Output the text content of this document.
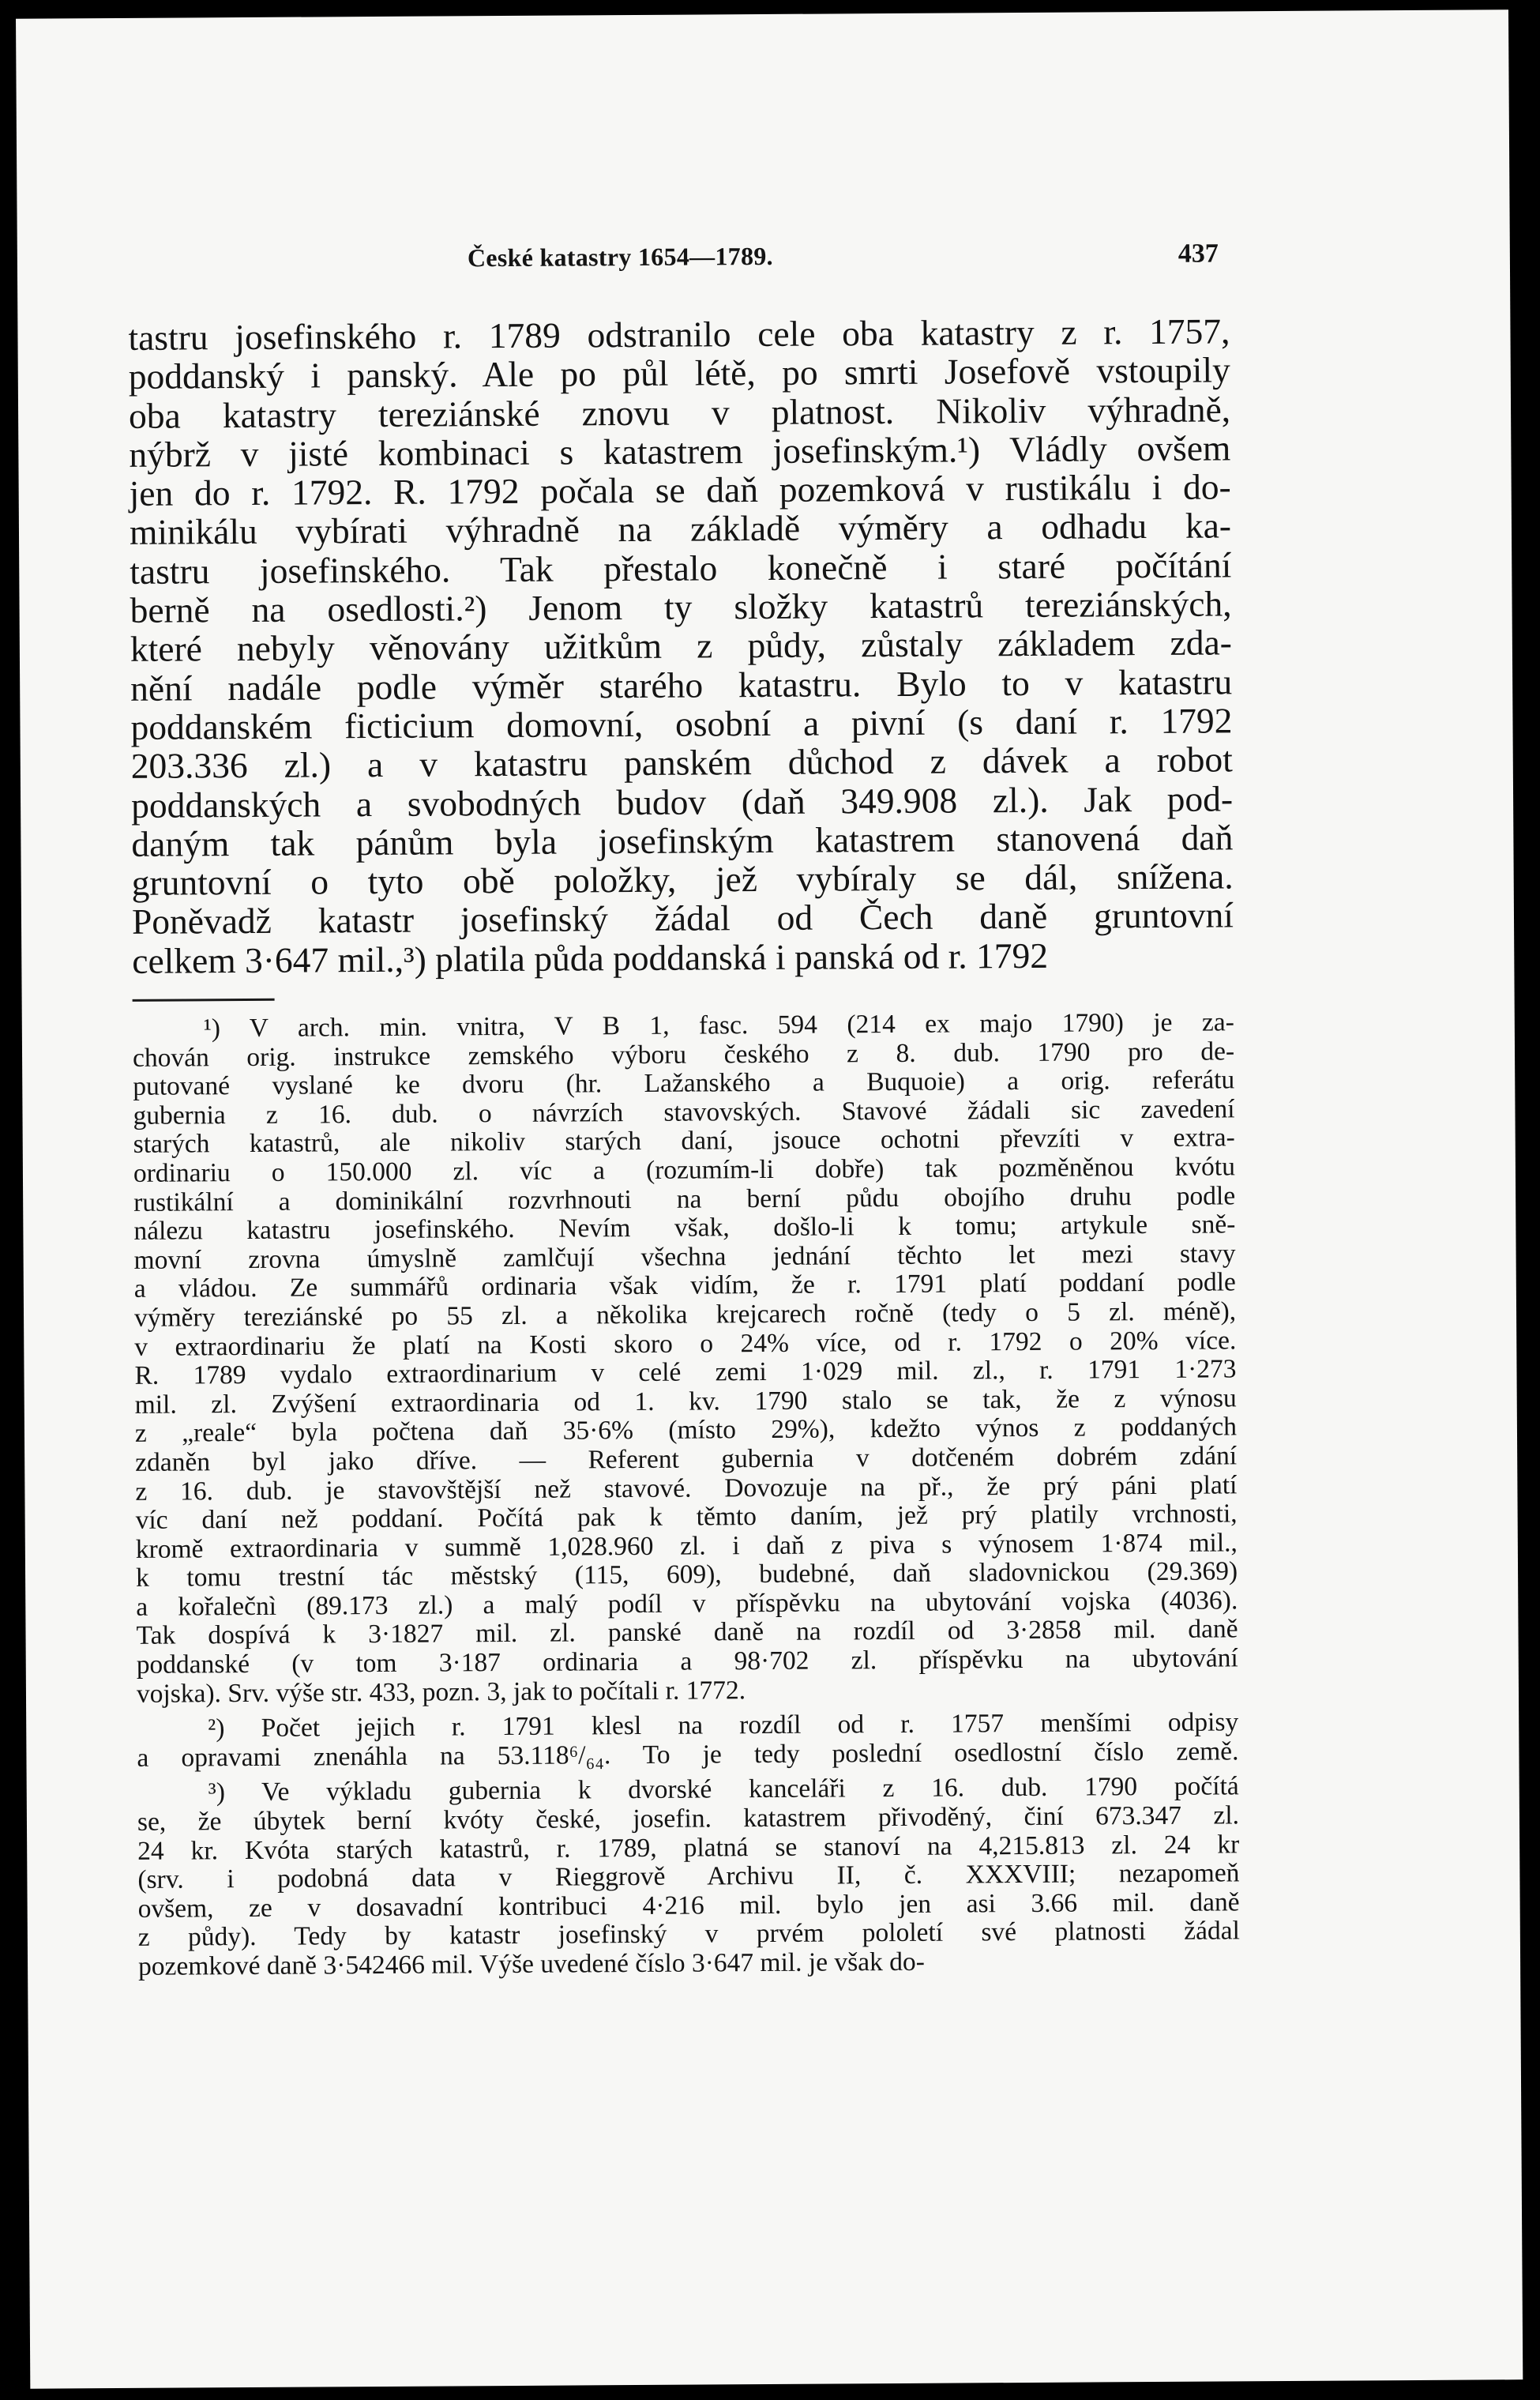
České katastry 1654—1789.	437
tastru josefinského r. 1789 odstranilo cele oba katastry z r. 1757,
poddanský i panský. Ale po půl létě, po smrti Josefově vstoupily
oba katastry tereziánské znovu v platnost. Nikoliv výhradně,
nýbrž v jisté kombinaci s katastrem josefinským.¹) Vládly ovšem
jen do r. 1792. R. 1792 počala se daň pozemková v rustikálu i do-
minikálu vybírati výhradně na základě výměry a odhadu ka-
tastru josefinského. Tak přestalo konečně i staré počítání
berně na osedlosti.²) Jenom ty složky katastrů tereziánských,
které nebyly věnovány užitkům z půdy, zůstaly základem zda-
nění nadále podle výměr starého katastru. Bylo to v katastru
poddanském ficticium domovní, osobní a pivní (s daní r. 1792
203.336 zl.) a v katastru panském důchod z dávek a robot
poddanských a svobodných budov (daň 349.908 zl.). Jak pod-
daným tak pánům byla josefinským katastrem stanovená daň
gruntovní o tyto obě položky, jež vybíraly se dál, snížena.
Poněvadž katastr josefinský žádal od Čech daně gruntovní
celkem 3·647 mil.,³) platila půda poddanská i panská od r. 1792
¹) V arch. min. vnitra, V B 1, fasc. 594 (214 ex majo 1790) je za-
chován orig. instrukce zemského výboru českého z 8. dub. 1790 pro de-
putované vyslané ke dvoru (hr. Lažanského a Buquoie) a orig. referátu
gubernia z 16. dub. o návrzích stavovských. Stavové žádali sic zavedení
starých katastrů, ale nikoliv starých daní, jsouce ochotni převzíti v extra-
ordinariu o 150.000 zl. víc a (rozumím-li dobře) tak pozměněnou kvótu
rustikální a dominikální rozvrhnouti na berní půdu obojího druhu podle
nálezu katastru josefinského. Nevím však, došlo-li k tomu; artykule sně-
movní zrovna úmyslně zamlčují všechna jednání těchto let mezi stavy
a vládou. Ze summářů ordinaria však vidím, že r. 1791 platí poddaní podle
výměry tereziánské po 55 zl. a několika krejcarech ročně (tedy o 5 zl. méně),
v extraordinariu že platí na Kosti skoro o 24% více, od r. 1792 o 20% více.
R. 1789 vydalo extraordinarium v celé zemi 1·029 mil. zl., r. 1791 1·273
mil. zl. Zvýšení extraordinaria od 1. kv. 1790 stalo se tak, že z výnosu
z „reale“ byla počtena daň 35·6% (místo 29%), kdežto výnos z poddaných
zdaněn byl jako dříve. — Referent gubernia v dotčeném dobrém zdání
z 16. dub. je stavovštější než stavové. Dovozuje na př., že prý páni platí
víc daní než poddaní. Počítá pak k těmto daním, jež prý platily vrchnosti,
kromě extraordinaria v summě 1,028.960 zl. i daň z piva s výnosem 1·874 mil.,
k tomu trestní tác městský (115, 609), budebné, daň sladovnickou (29.369)
a kořalečnì (89.173 zl.) a malý podíl v příspěvku na ubytování vojska (4036).
Tak dospívá k 3·1827 mil. zl. panské daně na rozdíl od 3·2858 mil. daně
poddanské (v tom 3·187 ordinaria a 98·702 zl. příspěvku na ubytování
vojska). Srv. výše str. 433, pozn. 3, jak to počítali r. 1772.
²) Počet jejich r. 1791 klesl na rozdíl od r. 1757 menšími odpisy
a opravami znenáhla na 53.118⁶/₆₄. To je tedy poslední osedlostní číslo země.
³) Ve výkladu gubernia k dvorské kanceláři z 16. dub. 1790 počítá
se, že úbytek berní kvóty české, josefin. katastrem přivoděný, činí 673.347 zl.
24 kr. Kvóta starých katastrů, r. 1789, platná se stanoví na 4,215.813 zl. 24 kr
(srv. i podobná data v Rieggrově Archivu II, č. XXXVIII; nezapomeň
ovšem, ze v dosavadní kontribuci 4·216 mil. bylo jen asi 3.66 mil. daně
z půdy). Tedy by katastr josefinský v prvém pololetí své platnosti žádal
pozemkové daně 3·542466 mil. Výše uvedené číslo 3·647 mil. je však do-
